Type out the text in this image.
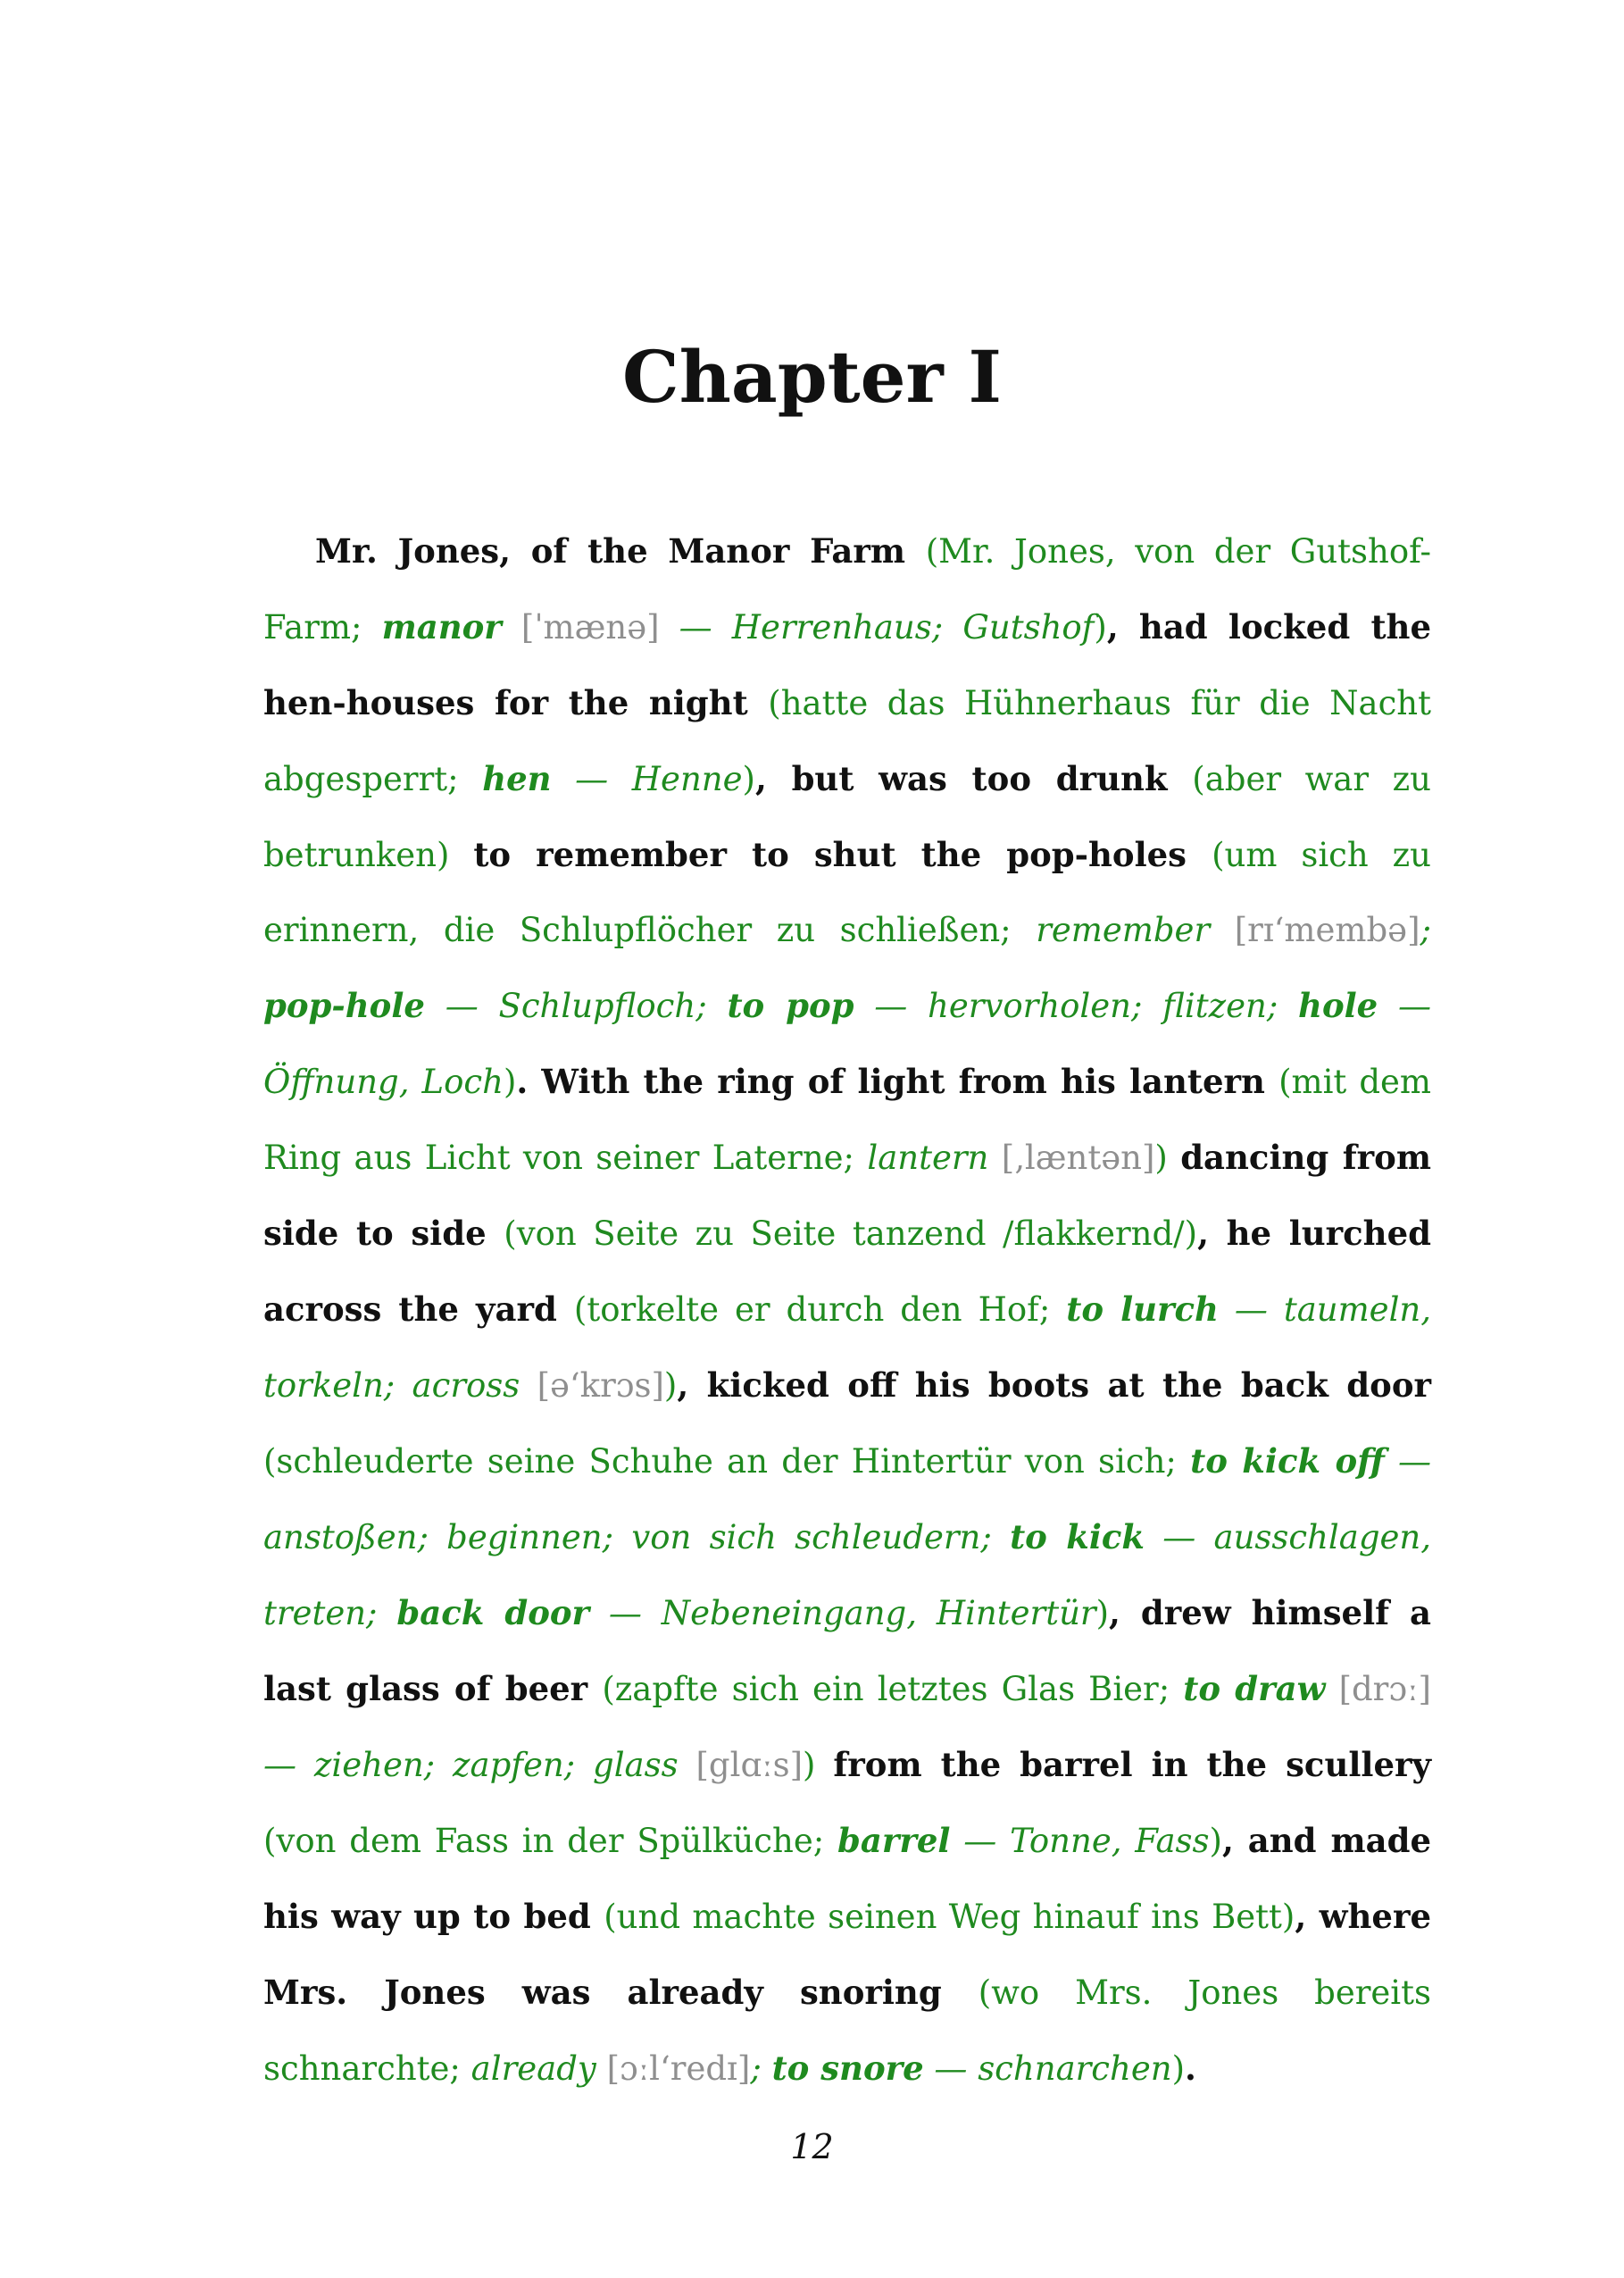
Chapter I

Mr. Jones, of the Manor Farm (Mr. Jones, von der Gutshof-Farm; manor [ˈmænə] — Herrenhaus; Gutshof), had locked the hen-houses for the night (hatte das Hühnerhaus für die Nacht abgesperrt; hen — Henne), but was too drunk (aber war zu betrunken) to remember to shut the pop-holes (um sich zu erinnern, die Schlupflöcher zu schließen; remember [rɪ‘membə]; pop-hole — Schlupfloch; to pop — hervorholen; flitzen; hole — Öffnung, Loch). With the ring of light from his lantern (mit dem Ring aus Licht von seiner Laterne; lantern [‚læntən]) dancing from side to side (von Seite zu Seite tanzend /flakkernd/), he lurched across the yard (torkelte er durch den Hof; to lurch — taumeln, torkeln; across [ə‘krɔs]), kicked off his boots at the back door (schleuderte seine Schuhe an der Hintertür von sich; to kick off — anstoßen; beginnen; von sich schleudern; to kick — ausschlagen, treten; back door — Nebeneingang, Hintertür), drew himself a last glass of beer (zapfte sich ein letztes Glas Bier; to draw [drɔː] — ziehen; zapfen; glass [glɑːs]) from the barrel in the scullery (von dem Fass in der Spülküche; barrel — Tonne, Fass), and made his way up to bed (und machte seinen Weg hinauf ins Bett), where Mrs. Jones was already snoring (wo Mrs. Jones bereits schnarchte; already [ɔːl‘redɪ]; to snore — schnarchen).

12
